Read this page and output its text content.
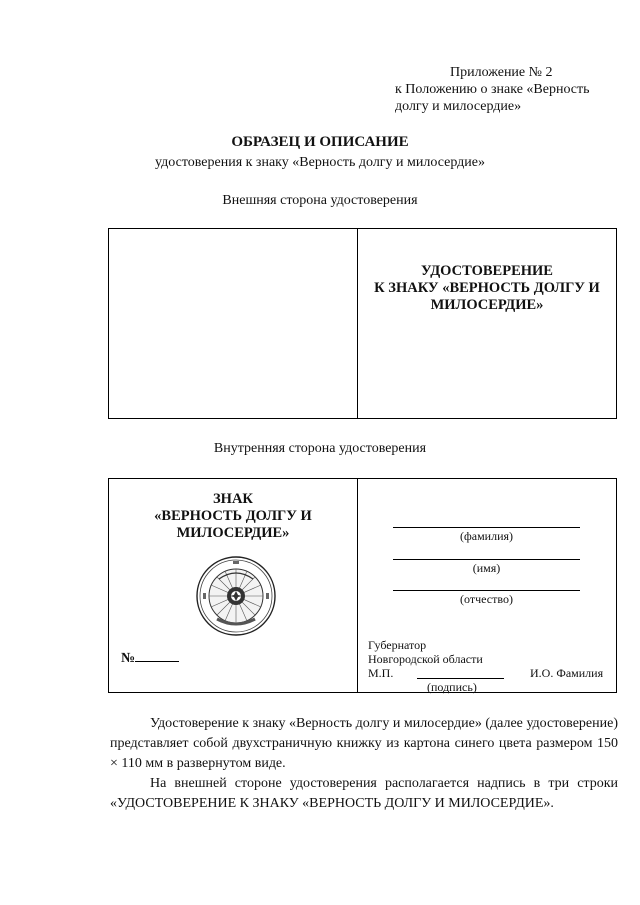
Приложение № 2
к Положению о знаке «Верность
долгу и милосердие»
ОБРАЗЕЦ И ОПИСАНИЕ
удостоверения к знаку «Верность долгу и милосердие»
Внешняя сторона удостоверения
УДОСТОВЕРЕНИЕ
К ЗНАКУ «ВЕРНОСТЬ ДОЛГУ И
МИЛОСЕРДИЕ»
Внутренняя сторона удостоверения
ЗНАК
«ВЕРНОСТЬ ДОЛГУ И
МИЛОСЕРДИЕ»
№
(фамилия)
(имя)
(отчество)
Губернатор
Новгородской области
М.П.
(подпись)
И.О. Фамилия
Удостоверение к знаку «Верность долгу и милосердие» (далее удостоверение) представляет собой двухстраничную книжку из картона синего цвета размером 150 × 110 мм в развернутом виде.
На внешней стороне удостоверения располагается надпись в три строки «УДОСТОВЕРЕНИЕ К ЗНАКУ «ВЕРНОСТЬ ДОЛГУ И МИЛОСЕРДИЕ».
